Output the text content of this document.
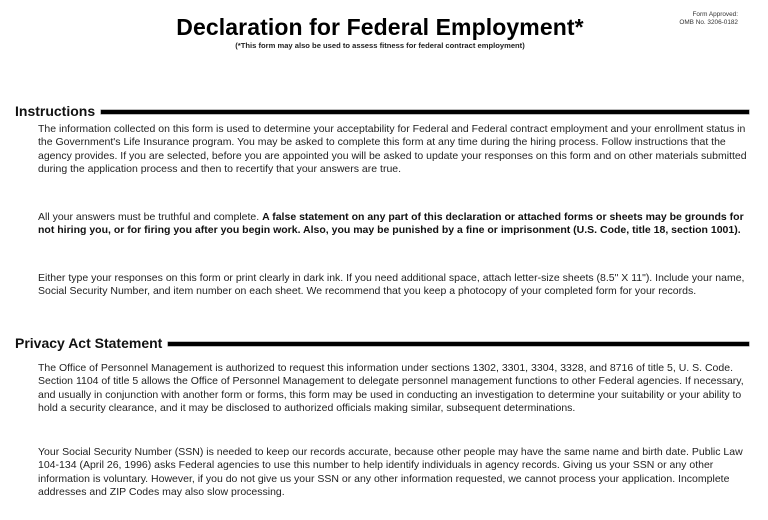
Declaration for Federal Employment*
(*This form may also be used to assess fitness for federal contract employment)
Form Approved:
OMB No. 3206-0182
Instructions
The information collected on this form is used to determine your acceptability for Federal and Federal contract employment and your enrollment status in the Government's Life Insurance program. You may be asked to complete this form at any time during the hiring process. Follow instructions that the agency provides. If you are selected, before you are appointed you will be asked to update your responses on this form and on other materials submitted during the application process and then to recertify that your answers are true.
All your answers must be truthful and complete. A false statement on any part of this declaration or attached forms or sheets may be grounds for not hiring you, or for firing you after you begin work. Also, you may be punished by a fine or imprisonment (U.S. Code, title 18, section 1001).
Either type your responses on this form or print clearly in dark ink. If you need additional space, attach letter-size sheets (8.5" X 11"). Include your name, Social Security Number, and item number on each sheet. We recommend that you keep a photocopy of your completed form for your records.
Privacy Act Statement
The Office of Personnel Management is authorized to request this information under sections 1302, 3301, 3304, 3328, and 8716 of title 5, U. S. Code. Section 1104 of title 5 allows the Office of Personnel Management to delegate personnel management functions to other Federal agencies. If necessary, and usually in conjunction with another form or forms, this form may be used in conducting an investigation to determine your suitability or your ability to hold a security clearance, and it may be disclosed to authorized officials making similar, subsequent determinations.
Your Social Security Number (SSN) is needed to keep our records accurate, because other people may have the same name and birth date. Public Law 104-134 (April 26, 1996) asks Federal agencies to use this number to help identify individuals in agency records. Giving us your SSN or any other information is voluntary. However, if you do not give us your SSN or any other information requested, we cannot process your application. Incomplete addresses and ZIP Codes may also slow processing.
